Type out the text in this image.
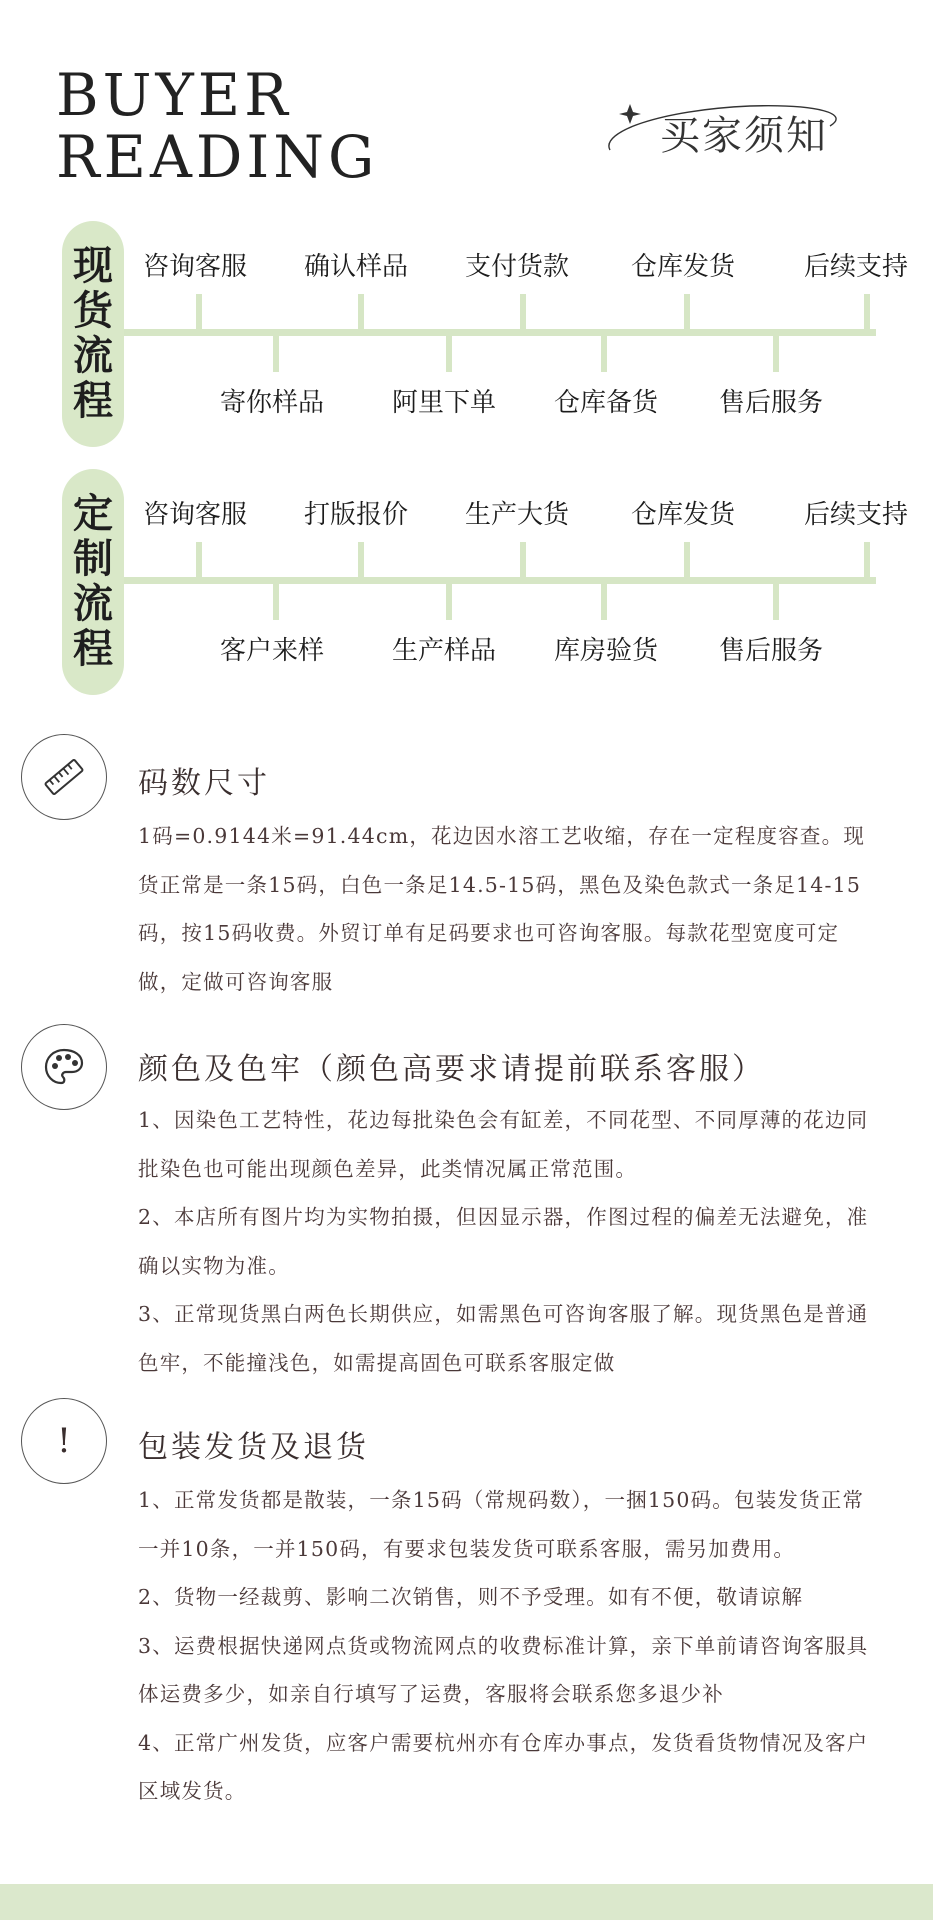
BUYER
READING	买家须知
现
货
流
程
咨询客服 确认样品 支付货款 仓库发货	后续支持
寄你样品	阿里下单 仓库备货 售后服务
定
制
流
程
咨询客服 打版报价 生产大货 仓库发货	后续支持
客户来样	生产样品 库房验货 售后服务
码数尺寸

1码=0.9144米=91.44cm，花边因水溶工艺收缩，存在一定程度容查。现货正常是一条15码，白色一条足14.5-15码，黑色及染色款式一条足14-15码，按15码收费。外贸订单有足码要求也可咨询客服。每款花型宽度可定做，定做可咨询客服

颜色及色牢（颜色高要求请提前联系客服）

1、因染色工艺特性，花边每批染色会有缸差，不同花型、不同厚薄的花边同批染色也可能出现颜色差异，此类情况属正常范围。

2、本店所有图片均为实物拍摄，但因显示器，作图过程的偏差无法避免，准确以实物为准。

3、正常现货黑白两色长期供应，如需黑色可咨询客服了解。现货黑色是普通色牢，不能撞浅色，如需提高固色可联系客服定做

! 包装发货及退货

1、正常发货都是散装，一条15码（常规码数），一捆150码。包装发货正常一并10条，一并150码，有要求包装发货可联系客服，需另加费用。

2、货物一经裁剪、影响二次销售，则不予受理。如有不便，敬请谅解

3、运费根据快递网点货或物流网点的收费标准计算，亲下单前请咨询客服具体运费多少，如亲自行填写了运费，客服将会联系您多退少补

4、正常广州发货，应客户需要杭州亦有仓库办事点，发货看货物情况及客户区域发货。
